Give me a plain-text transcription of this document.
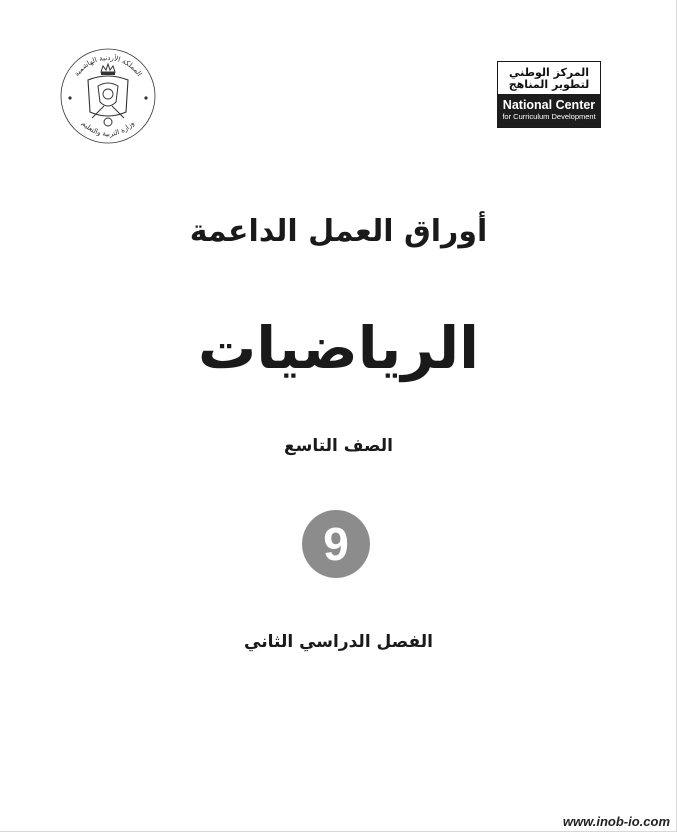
المملكة الأردنية الهاشمية
وزارة التربية والتعليم
المركز الوطني
لتطوير المناهج
National Center
for Curriculum Development
أوراق العمل الداعمة
الرياضيات
الصف التاسع
9
الفصل الدراسي الثاني
www.inob-io.com
